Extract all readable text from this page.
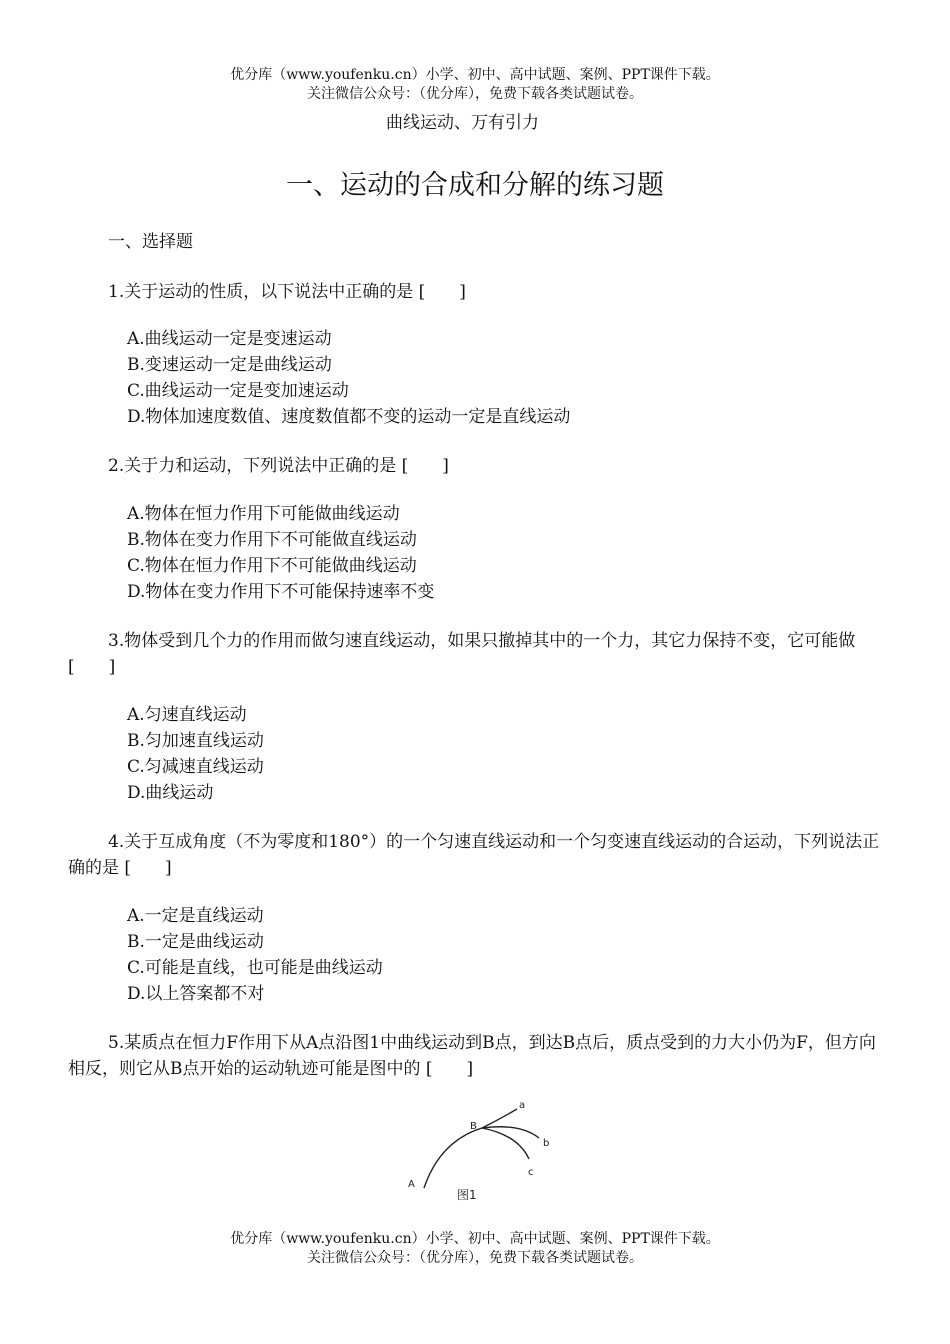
优分库（www.youfenku.cn）小学、初中、高中试题、案例、PPT课件下载。
关注微信公众号：（优分库），免费下载各类试题试卷。
曲线运动、万有引力
一、运动的合成和分解的练习题
一、选择题
1.关于运动的性质，以下说法中正确的是 [　　]
A.曲线运动一定是变速运动
B.变速运动一定是曲线运动
C.曲线运动一定是变加速运动
D.物体加速度数值、速度数值都不变的运动一定是直线运动
2.关于力和运动，下列说法中正确的是 [　　]
A.物体在恒力作用下可能做曲线运动
B.物体在变力作用下不可能做直线运动
C.物体在恒力作用下不可能做曲线运动
D.物体在变力作用下不可能保持速率不变
3.物体受到几个力的作用而做匀速直线运动，如果只撤掉其中的一个力，其它力保持不变，它可能做 [　　]
A.匀速直线运动
B.匀加速直线运动
C.匀减速直线运动
D.曲线运动
4.关于互成角度（不为零度和180°）的一个匀速直线运动和一个匀变速直线运动的合运动，下列说法正确的是 [　　]
A.一定是直线运动
B.一定是曲线运动
C.可能是直线，也可能是曲线运动
D.以上答案都不对
5.某质点在恒力F作用下从A点沿图1中曲线运动到B点，到达B点后，质点受到的力大小仍为F，但方向相反，则它从B点开始的运动轨迹可能是图中的 [　　]
a
b
c
A
B
图1
优分库（www.youfenku.cn）小学、初中、高中试题、案例、PPT课件下载。
关注微信公众号：（优分库），免费下载各类试题试卷。
